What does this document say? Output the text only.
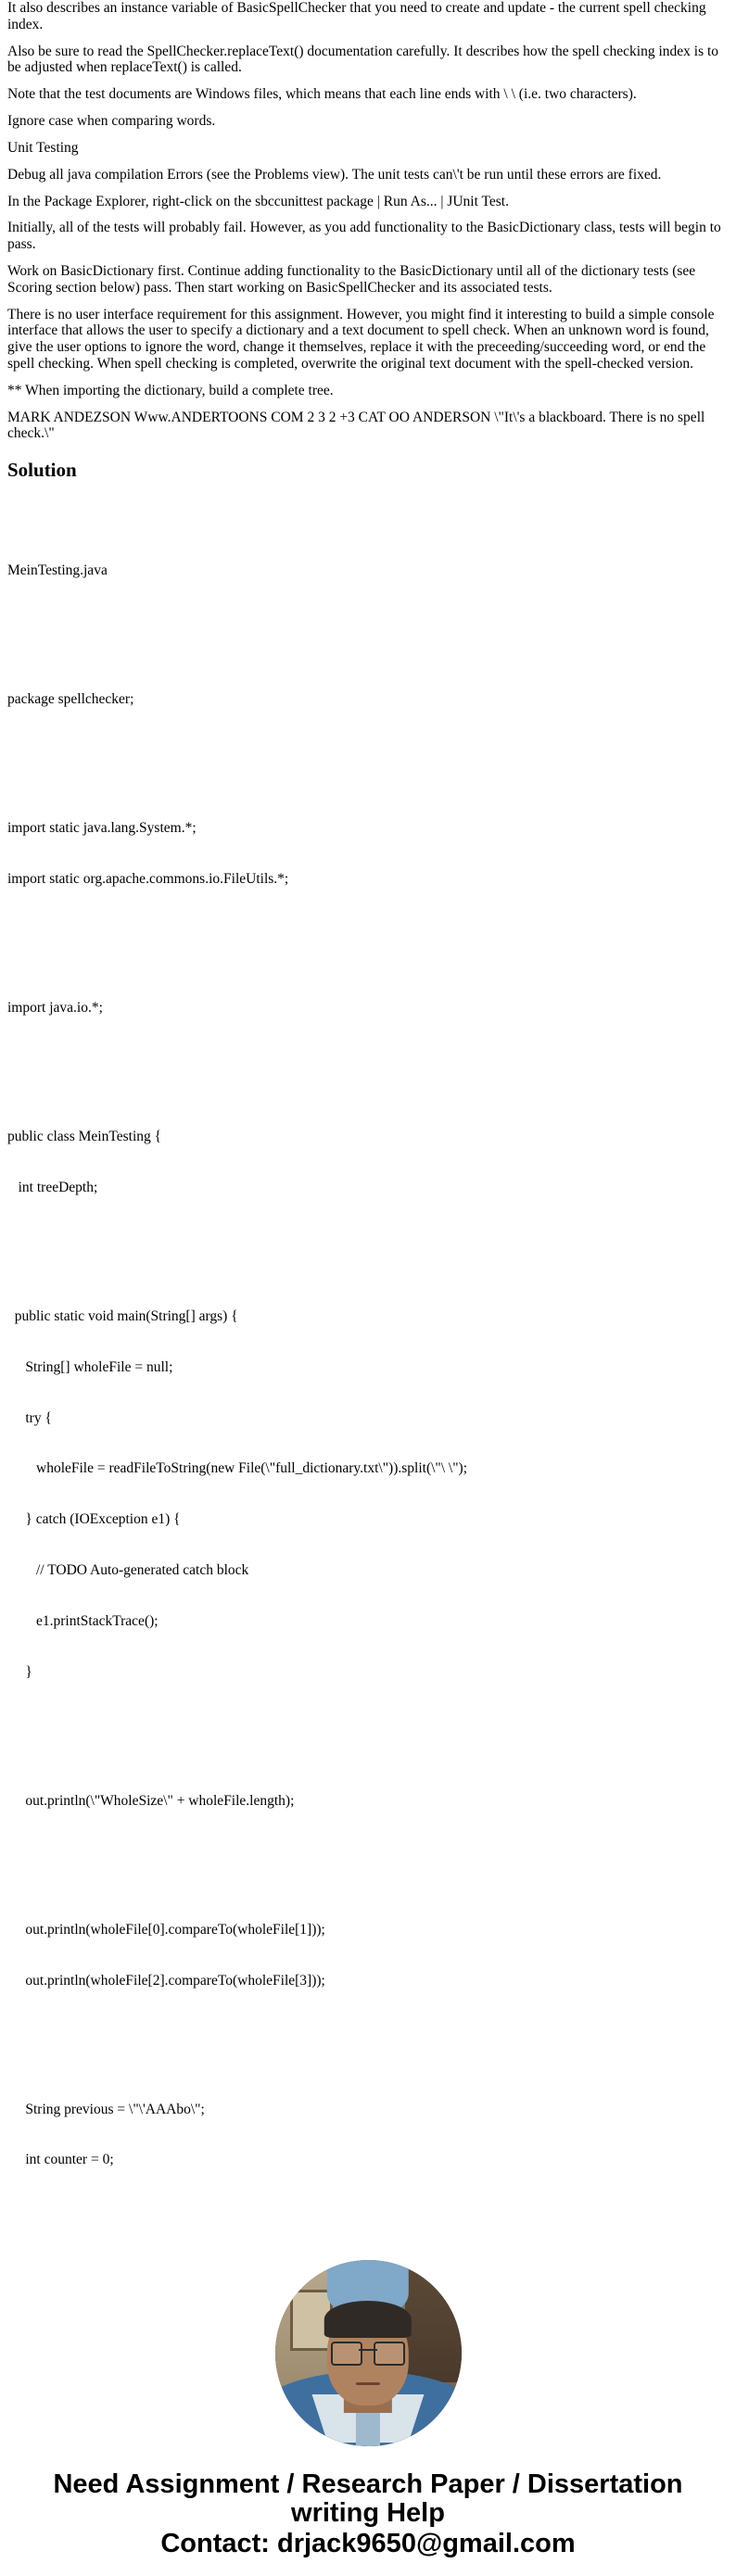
It also describes an instance variable of BasicSpellChecker that you need to create and update - the current spell checking index.

Also be sure to read the SpellChecker.replaceText() documentation carefully. It describes how the spell checking index is to be adjusted when replaceText() is called.

Note that the test documents are Windows files, which means that each line ends with \ \ (i.e. two characters).

Ignore case when comparing words.

Unit Testing

Debug all java compilation Errors (see the Problems view). The unit tests can\'t be run until these errors are fixed.

In the Package Explorer, right-click on the sbccunittest package | Run As... | JUnit Test.

Initially, all of the tests will probably fail. However, as you add functionality to the BasicDictionary class, tests will begin to pass.

Work on BasicDictionary first. Continue adding functionality to the BasicDictionary until all of the dictionary tests (see Scoring section below) pass. Then start working on BasicSpellChecker and its associated tests.

There is no user interface requirement for this assignment. However, you might find it interesting to build a simple console interface that allows the user to specify a dictionary and a text document to spell check. When an unknown word is found, give the user options to ignore the word, change it themselves, replace it with the preceeding/succeeding word, or end the spell checking. When spell checking is completed, overwrite the original text document with the spell-checked version.

** When importing the dictionary, build a complete tree.

MARK ANDEZSON Www.ANDERTOONS COM 2 3 2 +3 CAT OO ANDERSON \"It\'s a blackboard. There is no spell check.\"

Solution

MeinTesting.java

package spellchecker;

import static java.lang.System.*;

import static org.apache.commons.io.FileUtils.*;

import java.io.*;

public class MeinTesting {

int treeDepth;

public static void main(String[] args) {

String[] wholeFile = null;

try {

wholeFile = readFileToString(new File(\"full_dictionary.txt\")).split(\"\ \");

} catch (IOException e1) {

// TODO Auto-generated catch block

e1.printStackTrace();

}

out.println(\"WholeSize\" + wholeFile.length);

out.println(wholeFile[0].compareTo(wholeFile[1]));

out.println(wholeFile[2].compareTo(wholeFile[3]));

String previous = \"\'AAAbo\";

int counter = 0;

Need Assignment / Research Paper / Dissertation writing Help
Contact: drjack9650@gmail.com
